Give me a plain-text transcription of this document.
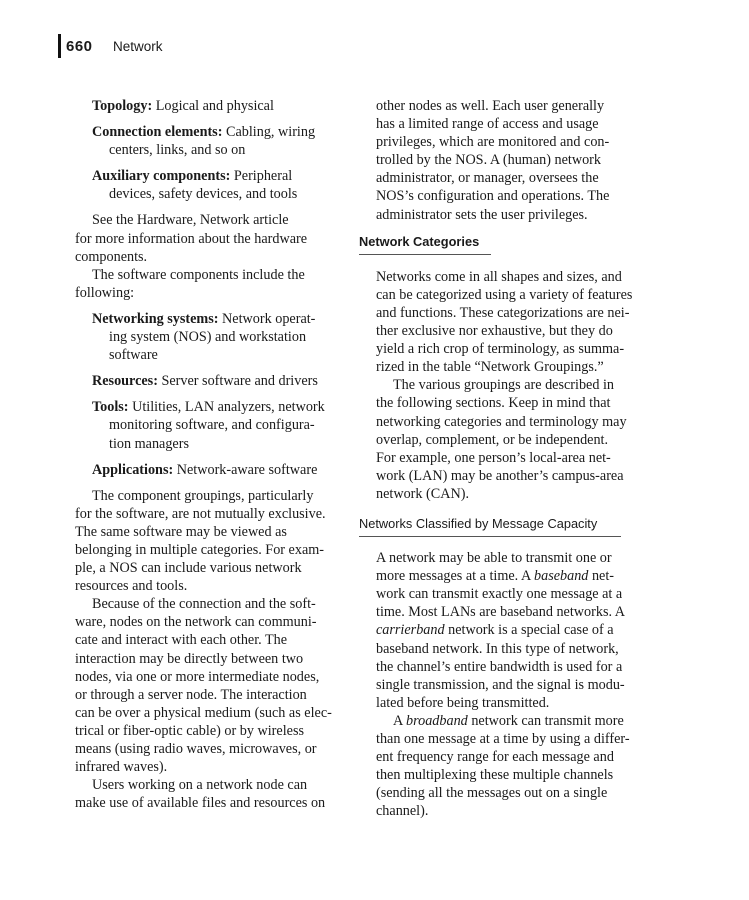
660 Network
Topology: Logical and physical
Connection elements: Cabling, wiring
centers, links, and so on
Auxiliary components: Peripheral
devices, safety devices, and tools

See the Hardware, Network article
for more information about the hardware
components.

The software components include the
following:

Networking systems: Network operat-
ing system (NOS) and workstation
software
Resources: Server software and drivers
Tools: Utilities, LAN analyzers, network
monitoring software, and configura-
tion managers
Applications: Network-aware software

The component groupings, particularly
for the software, are not mutually exclusive.
The same software may be viewed as
belonging in multiple categories. For exam-
ple, a NOS can include various network
resources and tools.

Because of the connection and the soft-
ware, nodes on the network can communi-
cate and interact with each other. The
interaction may be directly between two
nodes, via one or more intermediate nodes,
or through a server node. The interaction
can be over a physical medium (such as elec-
trical or fiber-optic cable) or by wireless
means (using radio waves, microwaves, or
infrared waves).

Users working on a network node can
make use of available files and resources on

other nodes as well. Each user generally
has a limited range of access and usage
privileges, which are monitored and con-
trolled by the NOS. A (human) network
administrator, or manager, oversees the
NOS’s configuration and operations. The
administrator sets the user privileges.

Network Categories

Networks come in all shapes and sizes, and
can be categorized using a variety of features
and functions. These categorizations are nei-
ther exclusive nor exhaustive, but they do
yield a rich crop of terminology, as summa-
rized in the table “Network Groupings.”

The various groupings are described in
the following sections. Keep in mind that
networking categories and terminology may
overlap, complement, or be independent.
For example, one person’s local-area net-
work (LAN) may be another’s campus-area
network (CAN).

Networks Classified by Message Capacity

A network may be able to transmit one or
more messages at a time. A baseband net-
work can transmit exactly one message at a
time. Most LANs are baseband networks. A
carrierband network is a special case of a
baseband network. In this type of network,
the channel’s entire bandwidth is used for a
single transmission, and the signal is modu-
lated before being transmitted.

A broadband network can transmit more
than one message at a time by using a differ-
ent frequency range for each message and
then multiplexing these multiple channels
(sending all the messages out on a single
channel).
